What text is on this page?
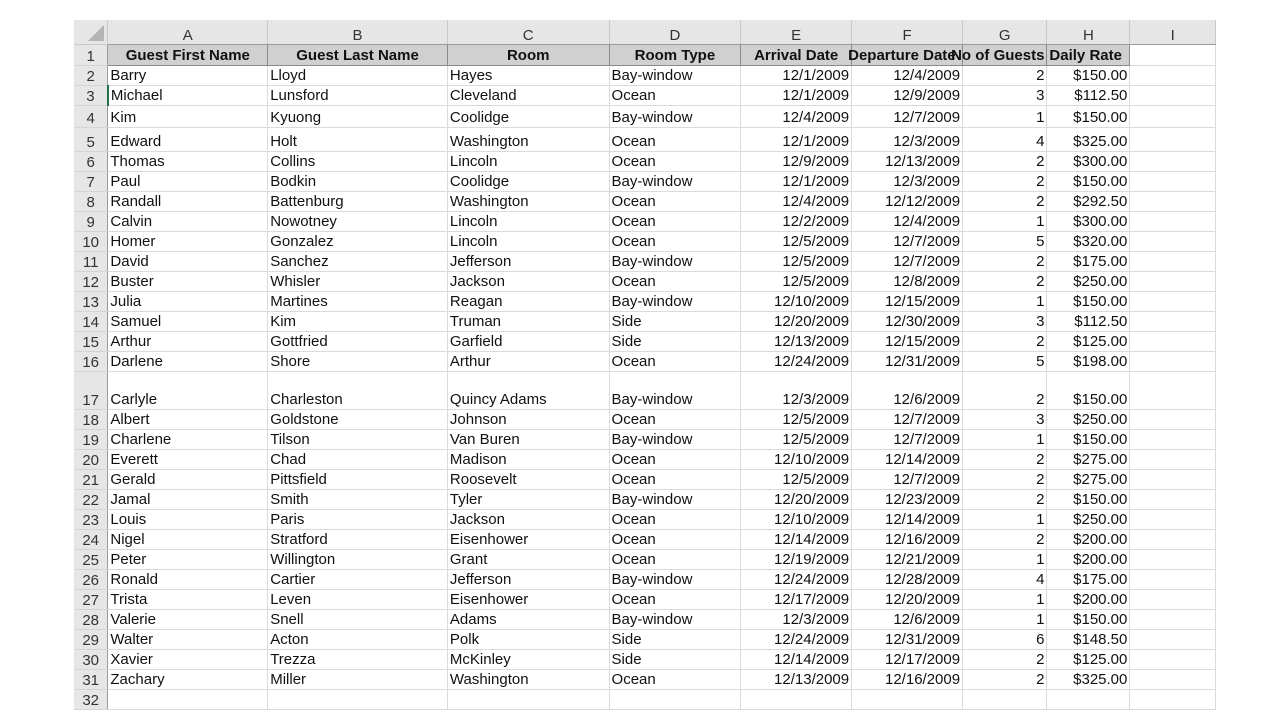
	A	B	C	D	E	F	G	H	I
1	Guest First Name	Guest Last Name	Room	Room Type	Arrival Date	Departure Date	No of Guests	Daily Rate	
2	Barry	Lloyd	Hayes	Bay-window	12/1/2009	12/4/2009	2	$150.00	
3	Michael	Lunsford	Cleveland	Ocean	12/1/2009	12/9/2009	3	$112.50	
4	Kim	Kyuong	Coolidge	Bay-window	12/4/2009	12/7/2009	1	$150.00	
5	Edward	Holt	Washington	Ocean	12/1/2009	12/3/2009	4	$325.00	
6	Thomas	Collins	Lincoln	Ocean	12/9/2009	12/13/2009	2	$300.00	
7	Paul	Bodkin	Coolidge	Bay-window	12/1/2009	12/3/2009	2	$150.00	
8	Randall	Battenburg	Washington	Ocean	12/4/2009	12/12/2009	2	$292.50	
9	Calvin	Nowotney	Lincoln	Ocean	12/2/2009	12/4/2009	1	$300.00	
10	Homer	Gonzalez	Lincoln	Ocean	12/5/2009	12/7/2009	5	$320.00	
11	David	Sanchez	Jefferson	Bay-window	12/5/2009	12/7/2009	2	$175.00	
12	Buster	Whisler	Jackson	Ocean	12/5/2009	12/8/2009	2	$250.00	
13	Julia	Martines	Reagan	Bay-window	12/10/2009	12/15/2009	1	$150.00	
14	Samuel	Kim	Truman	Side	12/20/2009	12/30/2009	3	$112.50	
15	Arthur	Gottfried	Garfield	Side	12/13/2009	12/15/2009	2	$125.00	
16	Darlene	Shore	Arthur	Ocean	12/24/2009	12/31/2009	5	$198.00	
17	Carlyle	Charleston	Quincy Adams	Bay-window	12/3/2009	12/6/2009	2	$150.00	
18	Albert	Goldstone	Johnson	Ocean	12/5/2009	12/7/2009	3	$250.00	
19	Charlene	Tilson	Van Buren	Bay-window	12/5/2009	12/7/2009	1	$150.00	
20	Everett	Chad	Madison	Ocean	12/10/2009	12/14/2009	2	$275.00	
21	Gerald	Pittsfield	Roosevelt	Ocean	12/5/2009	12/7/2009	2	$275.00	
22	Jamal	Smith	Tyler	Bay-window	12/20/2009	12/23/2009	2	$150.00	
23	Louis	Paris	Jackson	Ocean	12/10/2009	12/14/2009	1	$250.00	
24	Nigel	Stratford	Eisenhower	Ocean	12/14/2009	12/16/2009	2	$200.00	
25	Peter	Willington	Grant	Ocean	12/19/2009	12/21/2009	1	$200.00	
26	Ronald	Cartier	Jefferson	Bay-window	12/24/2009	12/28/2009	4	$175.00	
27	Trista	Leven	Eisenhower	Ocean	12/17/2009	12/20/2009	1	$200.00	
28	Valerie	Snell	Adams	Bay-window	12/3/2009	12/6/2009	1	$150.00	
29	Walter	Acton	Polk	Side	12/24/2009	12/31/2009	6	$148.50	
30	Xavier	Trezza	McKinley	Side	12/14/2009	12/17/2009	2	$125.00	
31	Zachary	Miller	Washington	Ocean	12/13/2009	12/16/2009	2	$325.00	
32									
